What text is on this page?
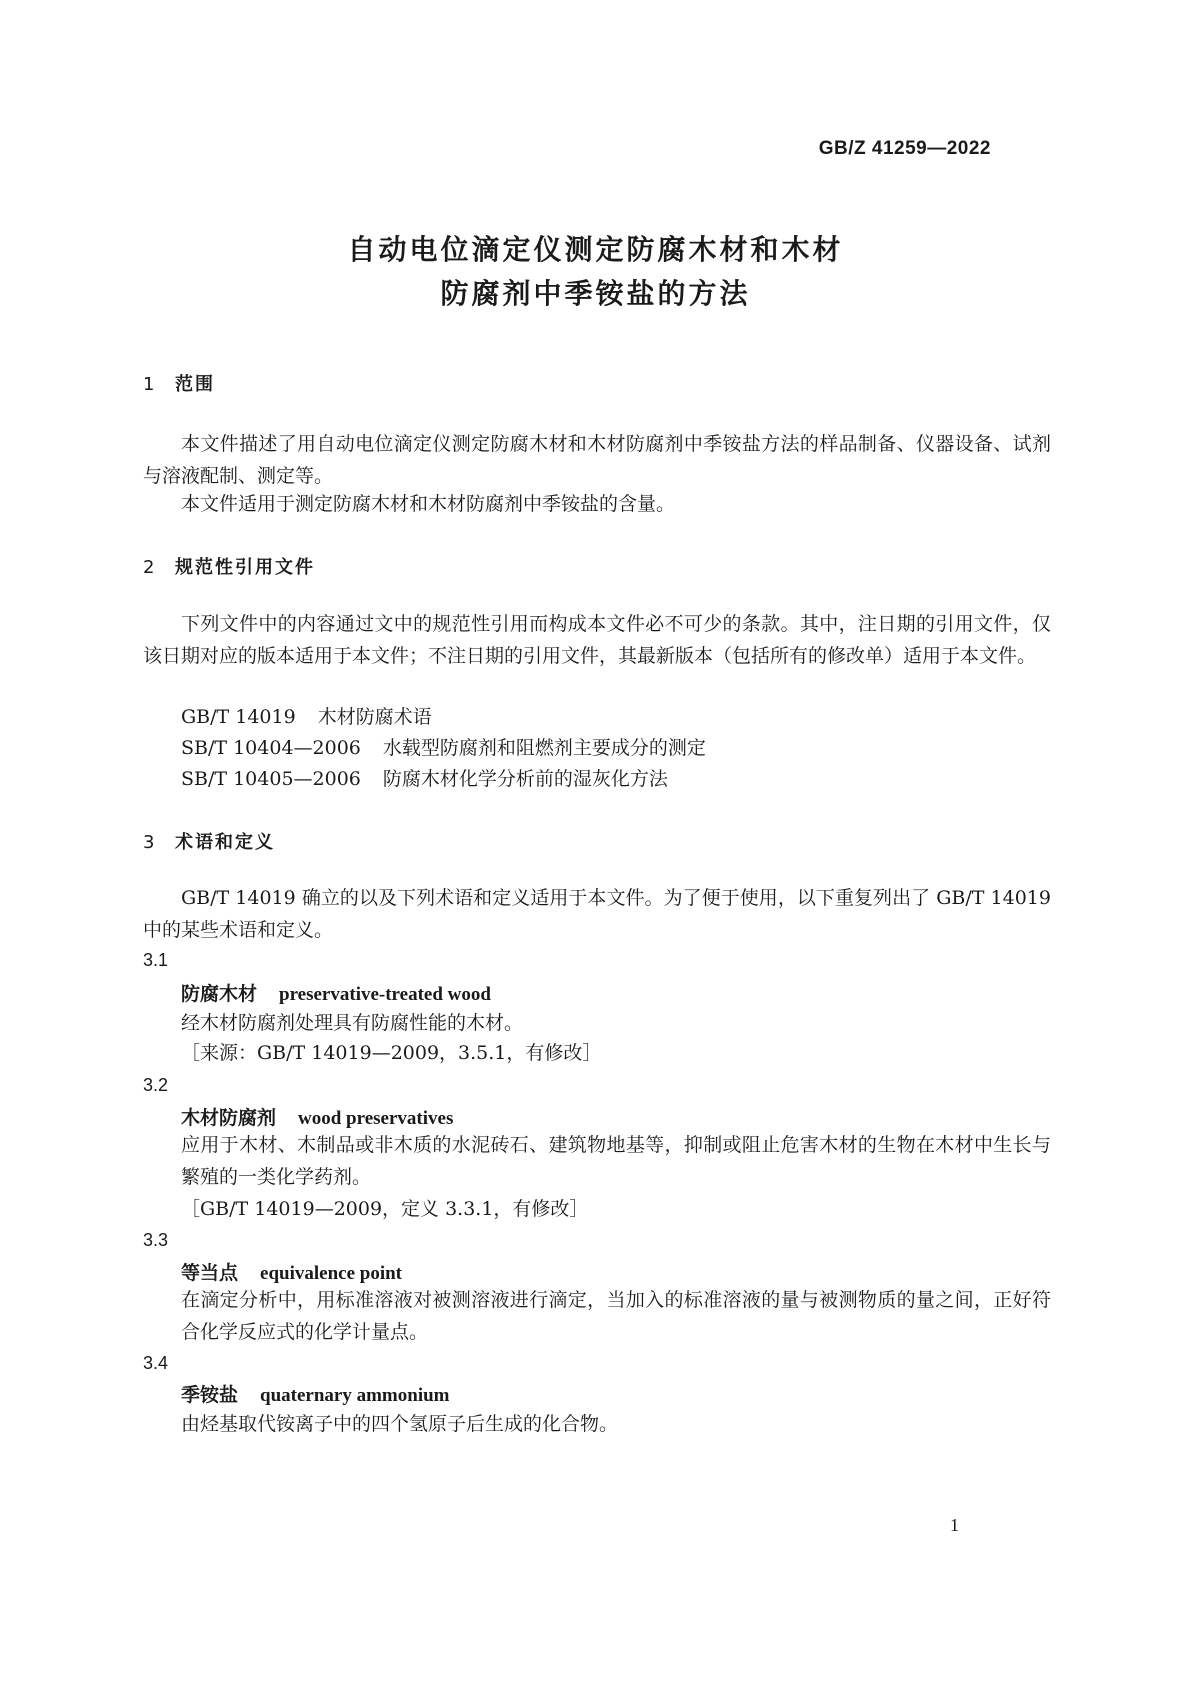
GB/Z 41259—2022
自动电位滴定仪测定防腐木材和木材
防腐剂中季铵盐的方法
1 范围
本文件描述了用自动电位滴定仪测定防腐木材和木材防腐剂中季铵盐方法的样品制备、仪器设备、试剂与溶液配制、测定等。
本文件适用于测定防腐木材和木材防腐剂中季铵盐的含量。
2 规范性引用文件
下列文件中的内容通过文中的规范性引用而构成本文件必不可少的条款。其中，注日期的引用文件，仅该日期对应的版本适用于本文件；不注日期的引用文件，其最新版本（包括所有的修改单）适用于本文件。
GB/T 14019 木材防腐术语
SB/T 10404—2006 水载型防腐剂和阻燃剂主要成分的测定
SB/T 10405—2006 防腐木材化学分析前的湿灰化方法
3 术语和定义
GB/T 14019 确立的以及下列术语和定义适用于本文件。为了便于使用，以下重复列出了 GB/T 14019 中的某些术语和定义。
3.1
防腐木材 preservative-treated wood
经木材防腐剂处理具有防腐性能的木材。
［来源：GB/T 14019—2009，3.5.1，有修改］
3.2
木材防腐剂 wood preservatives
应用于木材、木制品或非木质的水泥砖石、建筑物地基等，抑制或阻止危害木材的生物在木材中生长与繁殖的一类化学药剂。
［GB/T 14019—2009，定义 3.3.1，有修改］
3.3
等当点 equivalence point
在滴定分析中，用标准溶液对被测溶液进行滴定，当加入的标准溶液的量与被测物质的量之间，正好符合化学反应式的化学计量点。
3.4
季铵盐 quaternary ammonium
由烃基取代铵离子中的四个氢原子后生成的化合物。
1
